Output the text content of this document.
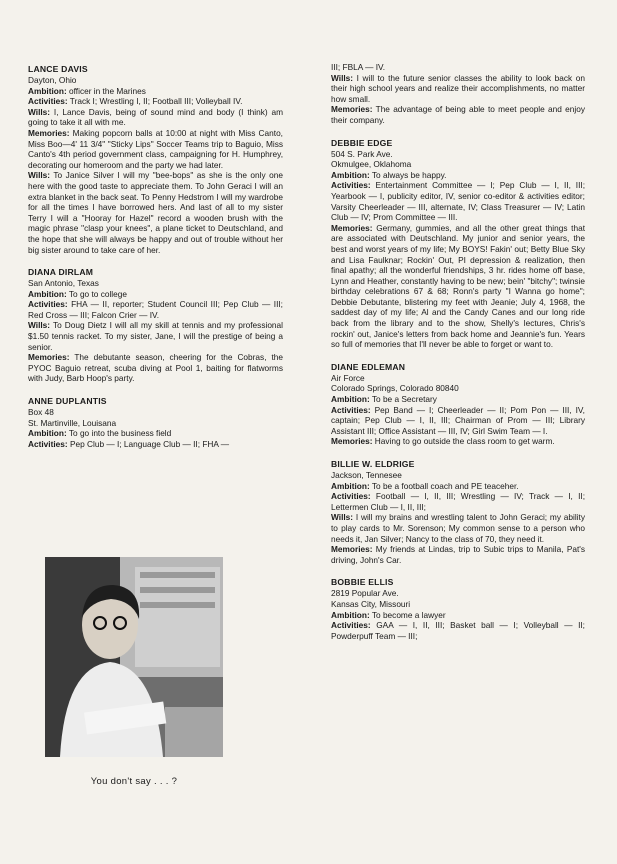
LANCE DAVIS
Dayton, Ohio

Ambition: officer in the Marines

Activities: Track I; Wrestling I, II; Football III; Volleyball IV.

Wills: I, Lance Davis, being of sound mind and body (I think) am going to take it all with me.

Memories: Making popcorn balls at 10:00 at night with Miss Canto, Miss Boo—4' 11 3/4" "Sticky Lips" Soccer Teams trip to Baguio, Miss Canto's 4th period government class, campaigning for H. Humphrey, decorating our homeroom and the party we had later.

Wills: To Janice Silver I will my "bee-bops" as she is the only one here with the good taste to appreciate them. To John Geraci I will an extra blanket in the back seat. To Penny Hedstrom I will my wardrobe for all the times I have borrowed hers. And last of all to my sister Terry I will a "Hooray for Hazel" record a wooden brush with the magic phrase "clasp your knees", a plane ticket to Deutschland, and the hope that she will always be happy and out of trouble without her big sister around to take care of her.

DIANA DIRLAM
San Antonio, Texas

Ambition: To go to college

Activities: FHA — II, reporter; Student Council III; Pep Club — III; Red Cross — III; Falcon Crier — IV.

Wills: To Doug Dietz I will all my skill at tennis and my professional $1.50 tennis racket. To my sister, Jane, I will the prestige of being a senior.

Memories: The debutante season, cheering for the Cobras, the PYOC Baguio retreat, scuba diving at Pool 1, baiting for flatworms with Judy, Barb Hoop's party.

ANNE DUPLANTIS
Box 48
St. Martinville, Louisana

Ambition: To go into the business field

Activities: Pep Club — I; Language Club — II; FHA —

III; FBLA — IV.
Wills: I will to the future senior classes the ability to look back on their high school years and realize their accomplishments, no matter how small.
Memories: The advantage of being able to meet people and enjoy their company.

DEBBIE EDGE
504 S. Park Ave.
Okmulgee, Oklahoma

Ambition: To always be happy.

Activities: Entertainment Committee — I; Pep Club — I, II, III; Yearbook — I, publicity editor, IV, senior co-editor & activities editor; Varsity Cheerleader — III, alternate, IV; Class Treasurer — IV; Latin Club — IV; Prom Committee — III.

Memories: Germany, gummies, and all the other great things that are associated with Deutschland. My junior and senior years, the best and worst years of my life; My BOYS! Fakin' out; Betty Blue Sky and Lisa Faulknar; Rockin' Out, PI depression & realization, then final apathy; all the wonderful friendships, 3 hr. rides home off base, Lynn and Heather, constantly having to be new; bein' "bitchy"; twinsie birthday celebrations 67 & 68; Ronn's party "I Wanna go home"; Debbie Debutante, blistering my feet with Jeanie; July 4, 1968, the saddest day of my life; Al and the Candy Canes and our long ride back from the library and to the show, Shelly's lectures, Chris's rockin' out, Janice's letters from back home and Jeannie's fun. Years so full of memories that I'll never be able to forget or want to.

DIANE EDLEMAN
Air Force
Colorado Springs, Colorado 80840

Ambition: To be a Secretary

Activities: Pep Band — I; Cheerleader — II; Pom Pon — III, IV, captain; Pep Club — I, II, III; Chairman of Prom — III; Library Assistant III; Office Assistant — III, IV; Girl Swim Team — I.

Memories: Having to go outside the class room to get warm.

BILLIE W. ELDRIGE
Jackson, Tennesee

Ambition: To be a football coach and PE teaceher.

Activities: Football — I, II, III; Wrestling — IV; Track — I, II; Lettermen Club — I, II, III;

Wills: I will my brains and wrestling talent to John Geraci; my ability to play cards to Mr. Sorenson; My common sense to a person who needs it, Jan Silver; Nancy to the class of 70, they need it.

Memories: My friends at Lindas, trip to Subic trips to Manila, Pat's driving, John's Car.

BOBBIE ELLIS
2819 Popular Ave.
Kansas City, Missouri

Ambition: To become a lawyer

Activities: GAA — I, II, III; Basket ball — I; Volleyball — II; Powderpuff Team — III;

You don't say . . . ?
